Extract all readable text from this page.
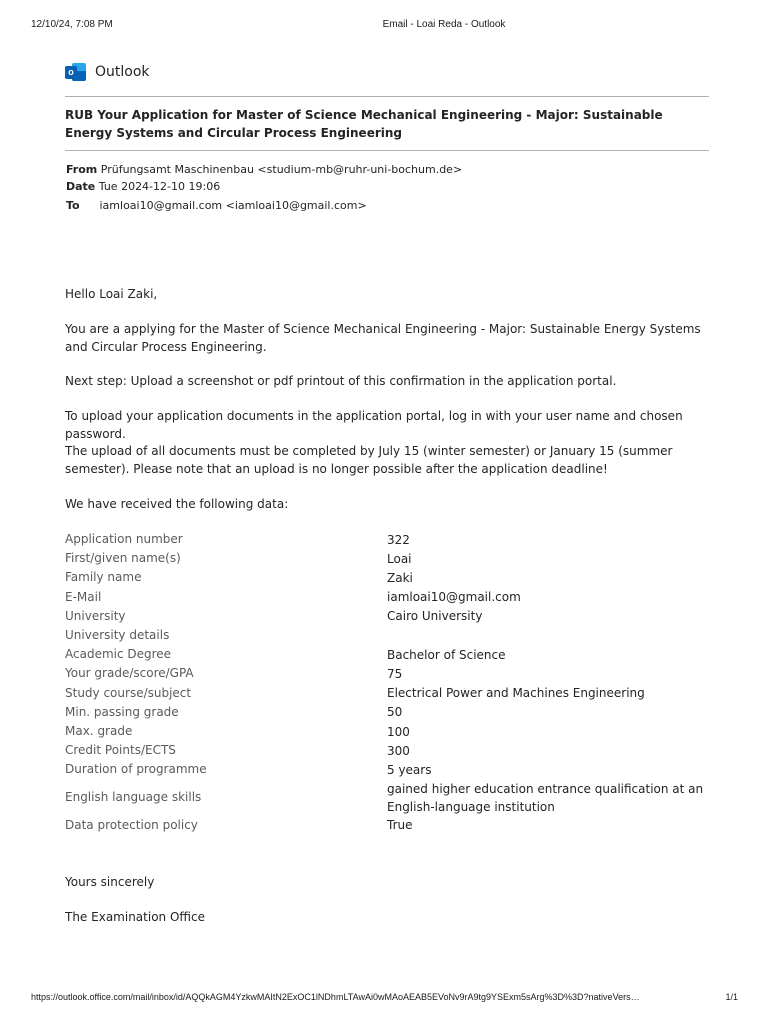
12/10/24, 7:08 PM	Email - Loai Reda - Outlook
o Outlook
RUB Your Application for Master of Science Mechanical Engineering - Major: Sustainable Energy Systems and Circular Process Engineering
From Prüfungsamt Maschinenbau <studium-mb@ruhr-uni-bochum.de>
Date Tue 2024-12-10 19:06
To iamloai10@gmail.com <iamloai10@gmail.com>

Hello Loai Zaki,

You are a applying for the Master of Science Mechanical Engineering - Major: Sustainable Energy Systems and Circular Process Engineering.

Next step: Upload a screenshot or pdf printout of this confirmation in the application portal.

To upload your application documents in the application portal, log in with your user name and chosen password.

The upload of all documents must be completed by July 15 (winter semester) or January 15 (summer semester). Please note that an upload is no longer possible after the application deadline!

We have received the following data:

Application number	322
First/given name(s)	Loai
Family name	Zaki
E-Mail	iamloai10@gmail.com
University	Cairo University
University details	
Academic Degree	Bachelor of Science
Your grade/score/GPA	75
Study course/subject	Electrical Power and Machines Engineering
Min. passing grade	50
Max. grade	100
Credit Points/ECTS	300
Duration of programme	5 years
English language skills	gained higher education entrance qualification at an English-language institution
Data protection policy	True

Yours sincerely

The Examination Office

https://outlook.office.com/mail/inbox/id/AQQkAGM4YzkwMAItN2ExOC1lNDhmLTAwAi0wMAoAEAB5EVoNv9rA9tg9YSExm5sArg%3D%3D?nativeVers…	1/1
